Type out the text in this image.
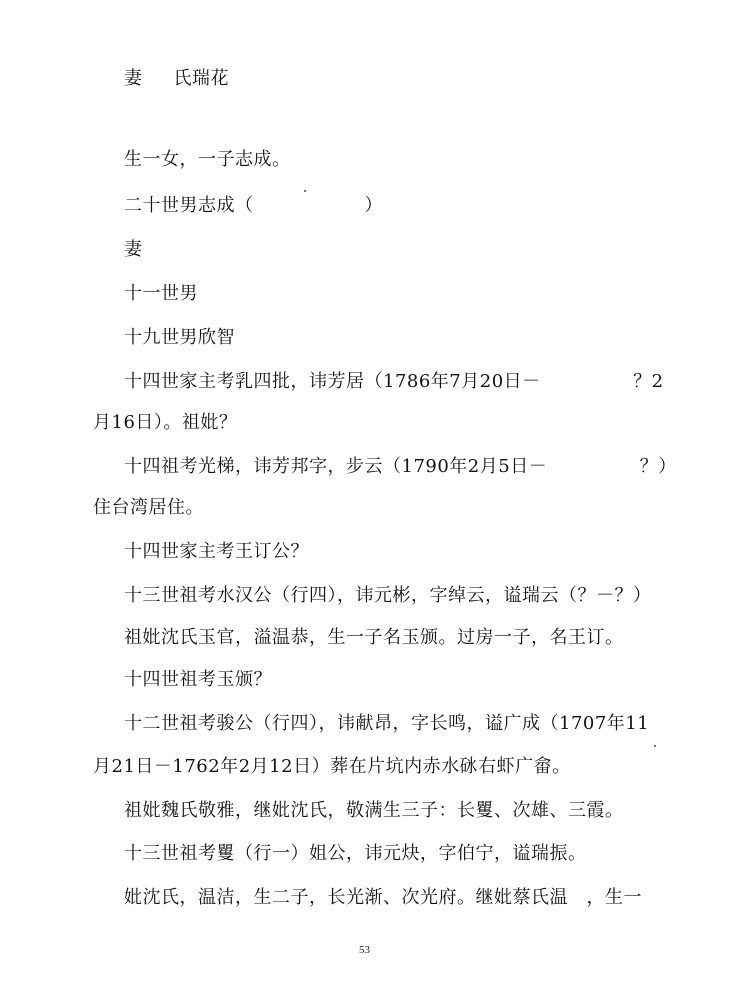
妻 　 氏瑞花
生一女，一子志成。
二十世男志成（　　　　　　）
妻
十一世男
十九世男欣智
十四世家主考乳四批，讳芳居（1786年7月20日－　　　　　？2
月16日）。祖妣？
十四祖考光梯，讳芳邦字，步云（1790年2月5日－　　　　　？）
住台湾居住。
十四世家主考王订公？
十三世祖考水汉公（行四），讳元彬，字绰云，谥瑞云（？－？）
祖妣沈氏玉官，溢温恭，生一子名玉颁。过房一子，名王订。
十四世祖考玉颁？
十二世祖考骏公（行四），讳献昂，字长鸣，谥广成（1707年11
月21日－1762年2月12日）葬在片坑内赤水砯右虾广畲。
祖妣魏氏敬雅，继妣沈氏，敬满生三子：长矍、次雄、三霞。
十三世祖考矍（行一）姐公，讳元炔，字伯宁，谥瑞振。
妣沈氏，温洁，生二子，长光渐、次光府。继妣蔡氏温　，生一
53
